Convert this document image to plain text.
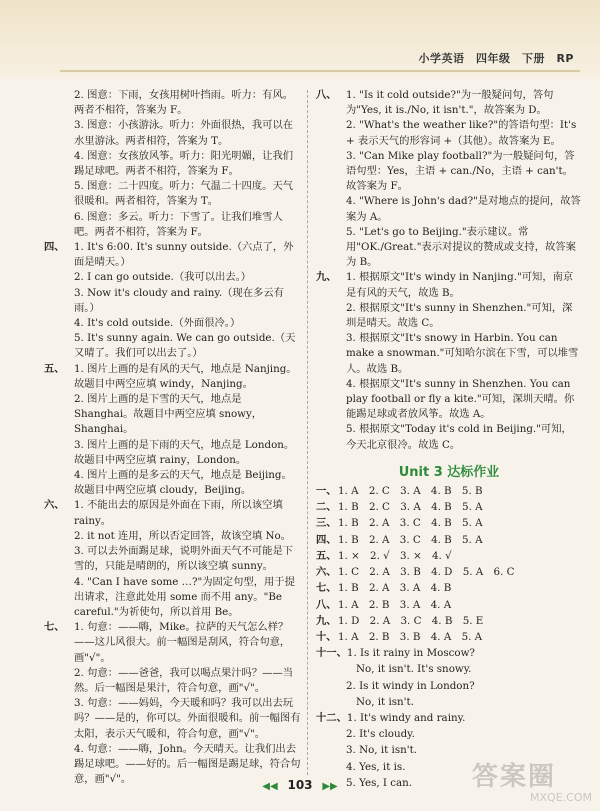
小学英语　四年级　下册　RP
2. 图意：下雨，女孩用树叶挡雨。听力：有风。两者不相符，答案为 F。
3. 图意：小孩游泳。听力：外面很热，我可以在水里游泳。两者相符，答案为 T。
4. 图意：女孩放风筝。听力：阳光明媚，让我们踢足球吧。两者不相符，答案为 F。
5. 图意：二十四度。听力：气温二十四度。天气很暖和。两者相符，答案为 T。
6. 图意：多云。听力：下雪了。让我们堆雪人吧。两者不相符，答案为 F。
四、 1. It's 6:00. It's sunny outside.（六点了，外面是晴天。）
2. I can go outside.（我可以出去。）
3. Now it's cloudy and rainy.（现在多云有雨。）
4. It's cold outside.（外面很冷。）
5. It's sunny again. We can go outside.（天又晴了。我们可以出去了。）
五、 1. 图片上画的是有风的天气，地点是 Nanjing。故题目中两空应填 windy，Nanjing。
2. 图片上画的是下雪的天气，地点是 Shanghai。故题目中两空应填 snowy，Shanghai。
3. 图片上画的是下雨的天气，地点是 London。故题目中两空应填 rainy，London。
4. 图片上画的是多云的天气，地点是 Beijing。故题目中两空应填 cloudy，Beijing。
六、 1. 不能出去的原因是外面在下雨，所以该空填 rainy。
2. it not 连用，所以否定回答，故该空填 No。
3. 可以去外面踢足球，说明外面天气不可能是下雪的，只能是晴朗的，所以该空填 sunny。
4. "Can I have some …?"为固定句型，用于提出请求，注意此处用 some 而不用 any。"Be careful."为祈使句，所以首用 Be。
七、 1. 句意：——嗨，Mike。拉萨的天气怎么样？——这儿风很大。前一幅图是刮风，符合句意，画"√"。
2. 句意：——爸爸，我可以喝点果汁吗？——当然。后一幅图是果汁，符合句意，画"√"。
3. 句意：——妈妈，今天暖和吗？我可以出去玩吗？——是的，你可以。外面很暖和。前一幅图有太阳，表示天气暖和，符合句意，画"√"。
4. 句意：——嗨，John。今天晴天。让我们出去踢足球吧。——好的。后一幅图是踢足球，符合句意，画"√"。
八、 1. "Is it cold outside?"为一般疑问句，答句为"Yes, it is./No, it isn't."，故答案为 D。
2. "What's the weather like?"的答语句型：It's + 表示天气的形容词 +（其他）。故答案为 E。
3. "Can Mike play football?"为一般疑问句，答语句型：Yes，主语 + can./No，主语 + can't。故答案为 F。
4. "Where is John's dad?"是对地点的提问，故答案为 A。
5. "Let's go to Beijing."表示建议。常用"OK./Great."表示对提议的赞成或支持，故答案为 B。
九、 1. 根据原文"It's windy in Nanjing."可知，南京是有风的天气，故选 B。
2. 根据原文"It's sunny in Shenzhen."可知，深圳是晴天。故选 C。
3. 根据原文"It's snowy in Harbin. You can make a snowman."可知哈尔滨在下雪，可以堆雪人。故选 B。
4. 根据原文"It's sunny in Shenzhen. You can play football or fly a kite."可知，深圳天晴。你能踢足球或者放风筝。故选 A。
5. 根据原文"Today it's cold in Beijing."可知，今天北京很冷。故选 C。
Unit 3 达标作业
一、1. A　2. C　3. A　4. B　5. B
二、1. B　2. C　3. A　4. B　5. A
三、1. B　2. A　3. C　4. B　5. A
四、1. B　2. A　3. C　4. B　5. A
五、1. ×　2. √　3. ×　4. √
六、1. C　2. A　3. B　4. D　5. A　6. C
七、1. B　2. A　3. A　4. B
八、1. A　2. B　3. A　4. A
九、1. D　2. A　3. C　4. B　5. E
十、1. A　2. B　3. B　4. A　5. A
十一、1. Is it rainy in Moscow?
No, it isn't. It's snowy.
2. Is it windy in London?
No, it isn't.
十二、1. It's windy and rainy.
2. It's cloudy.
3. No, it isn't.
4. Yes, it is.
5. Yes, I can.
◀◀ 103 ▶▶	答案圈
MXQE.COM
